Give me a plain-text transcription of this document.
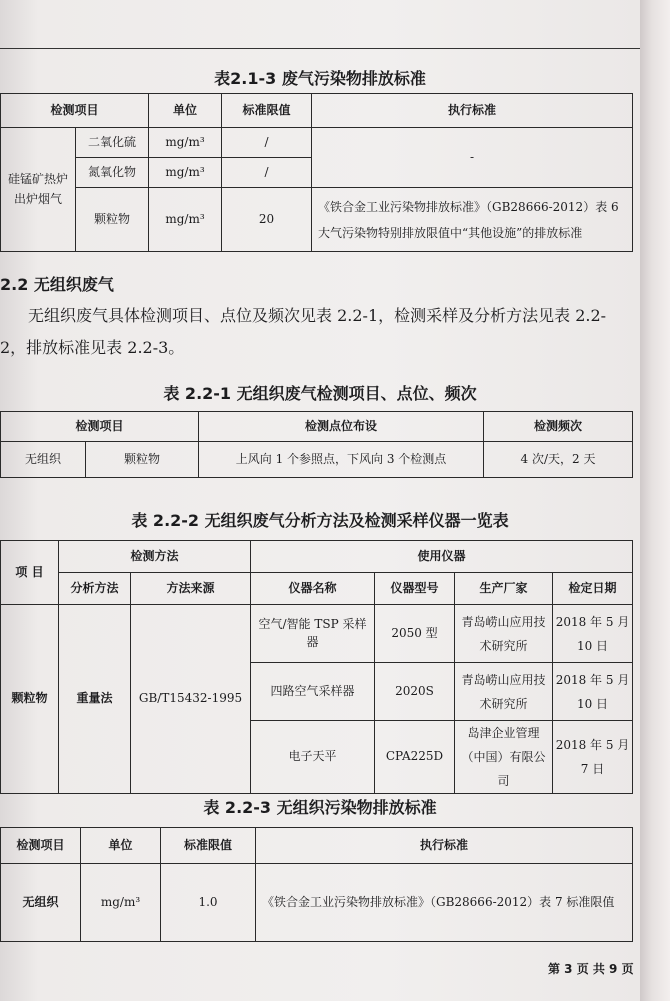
表2.1-3 废气污染物排放标准
检测项目		单位	标准限值	执行标准
硅锰矿热炉出炉烟气	二氧化硫	mg/m³	/	-
	氮氧化物	mg/m³	/	
	颗粒物	mg/m³	20	《铁合金工业污染物排放标准》（GB28666-2012）表 6 大气污染物特别排放限值中“其他设施”的排放标准
2.2 无组织废气
无组织废气具体检测项目、点位及频次见表 2.2-1，检测采样及分析方法见表 2.2-2，排放标准见表 2.2-3。
表 2.2-1 无组织废气检测项目、点位、频次
检测项目		检测点位布设	检测频次
无组织	颗粒物	上风向 1 个参照点，下风向 3 个检测点	4 次/天，2 天
表 2.2-2 无组织废气分析方法及检测采样仪器一览表
项 目	检测方法		使用仪器			
	分析方法	方法来源	仪器名称	仪器型号	生产厂家	检定日期
颗粒物	重量法	GB/T15432-1995	空气/智能 TSP 采样器	2050 型	青岛崂山应用技术研究所	2018 年 5 月 10 日
			四路空气采样器	2020S	青岛崂山应用技术研究所	2018 年 5 月 10 日
			电子天平	CPA225D	岛津企业管理（中国）有限公司	2018 年 5 月 7 日
表 2.2-3 无组织污染物排放标准
检测项目	单位	标准限值	执行标准
无组织	mg/m³	1.0	《铁合金工业污染物排放标准》（GB28666-2012）表 7 标准限值
第 3 页 共 9 页
